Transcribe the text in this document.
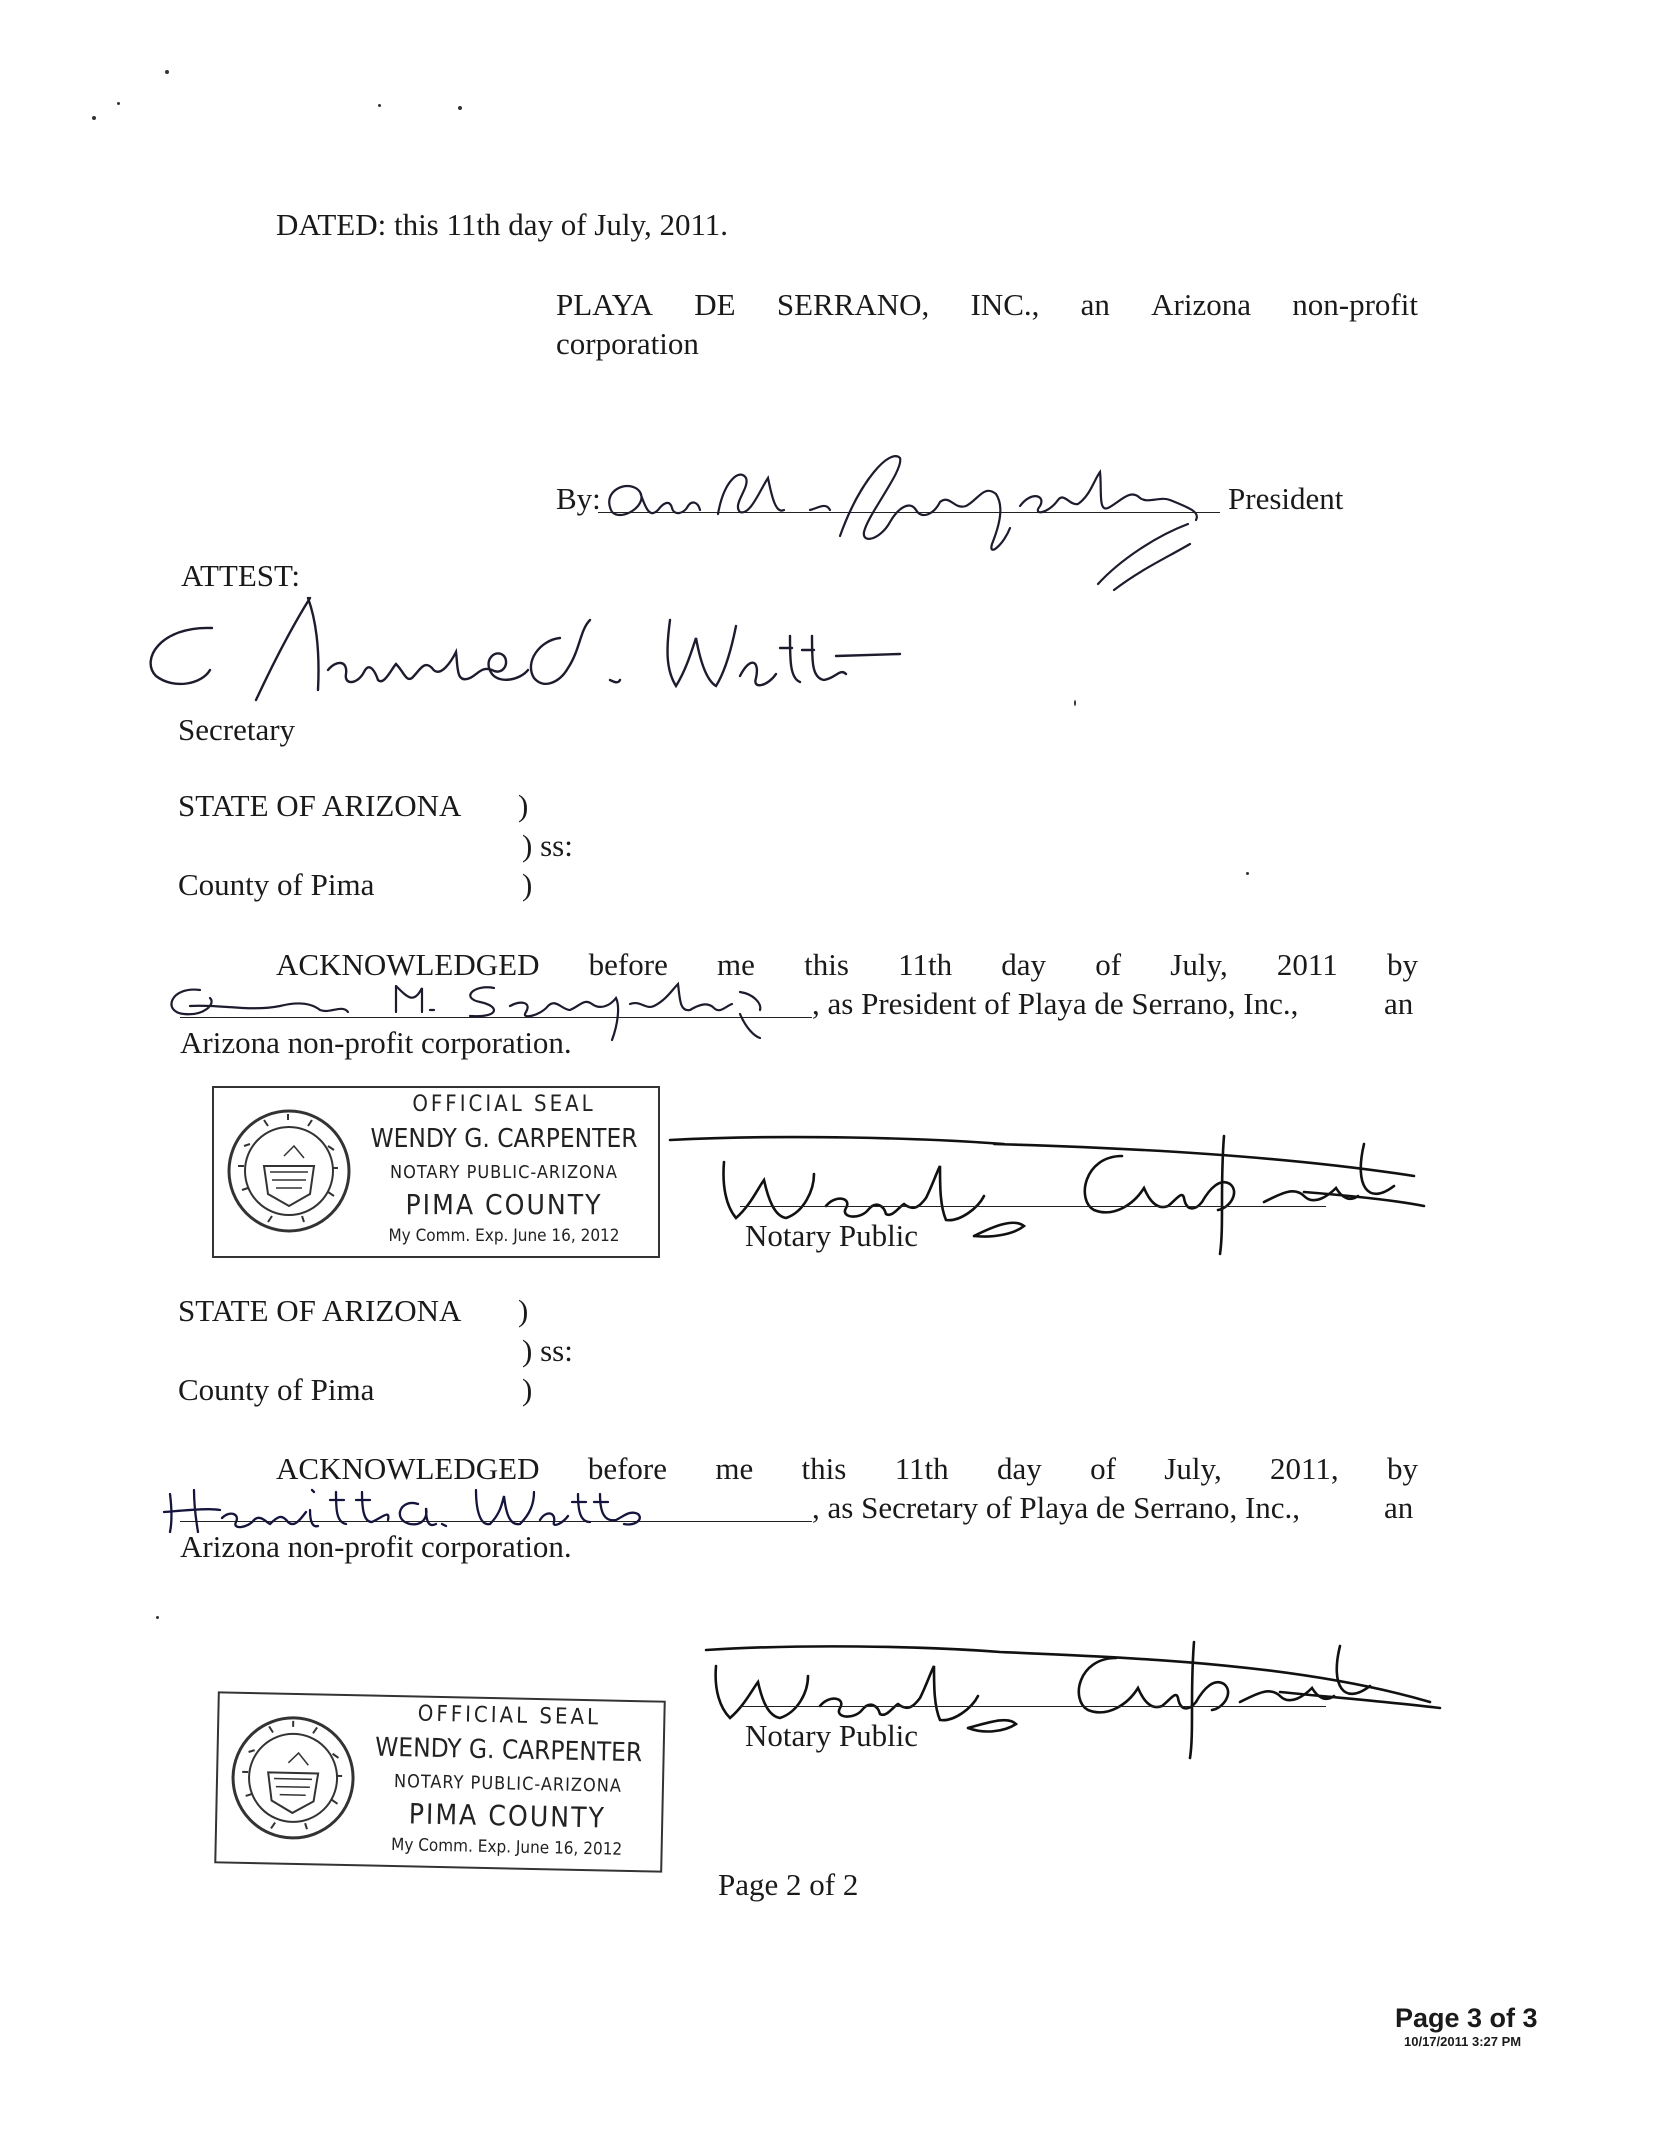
DATED: this 11th day of July, 2011.
PLAYA DE SERRANO, INC., an Arizona non-profit
corporation
By:	President
ATTEST:
Secretary
STATE OF ARIZONA )
) ss:
County of Pima	)
ACKNOWLEDGED before me this 11th day of July, 2011 by
, as President of Playa de Serrano, Inc.,	an
Arizona non-profit corporation.
OFFICIAL SEAL
WENDY G. CARPENTER
NOTARY PUBLIC-ARIZONA
PIMA COUNTY
My Comm. Exp. June 16, 2012	Notary Public
STATE OF ARIZONA )
) ss:
County of Pima	)
ACKNOWLEDGED before me this 11th day of July, 2011, by
, as Secretary of Playa de Serrano, Inc.,	an
Arizona non-profit corporation.
Notary Public
OFFICIAL SEAL
WENDY G. CARPENTER
NOTARY PUBLIC-ARIZONA
PIMA COUNTY
My Comm. Exp. June 16, 2012
Page 2 of 2
Page 3 of 3
10/17/2011 3:27 PM
